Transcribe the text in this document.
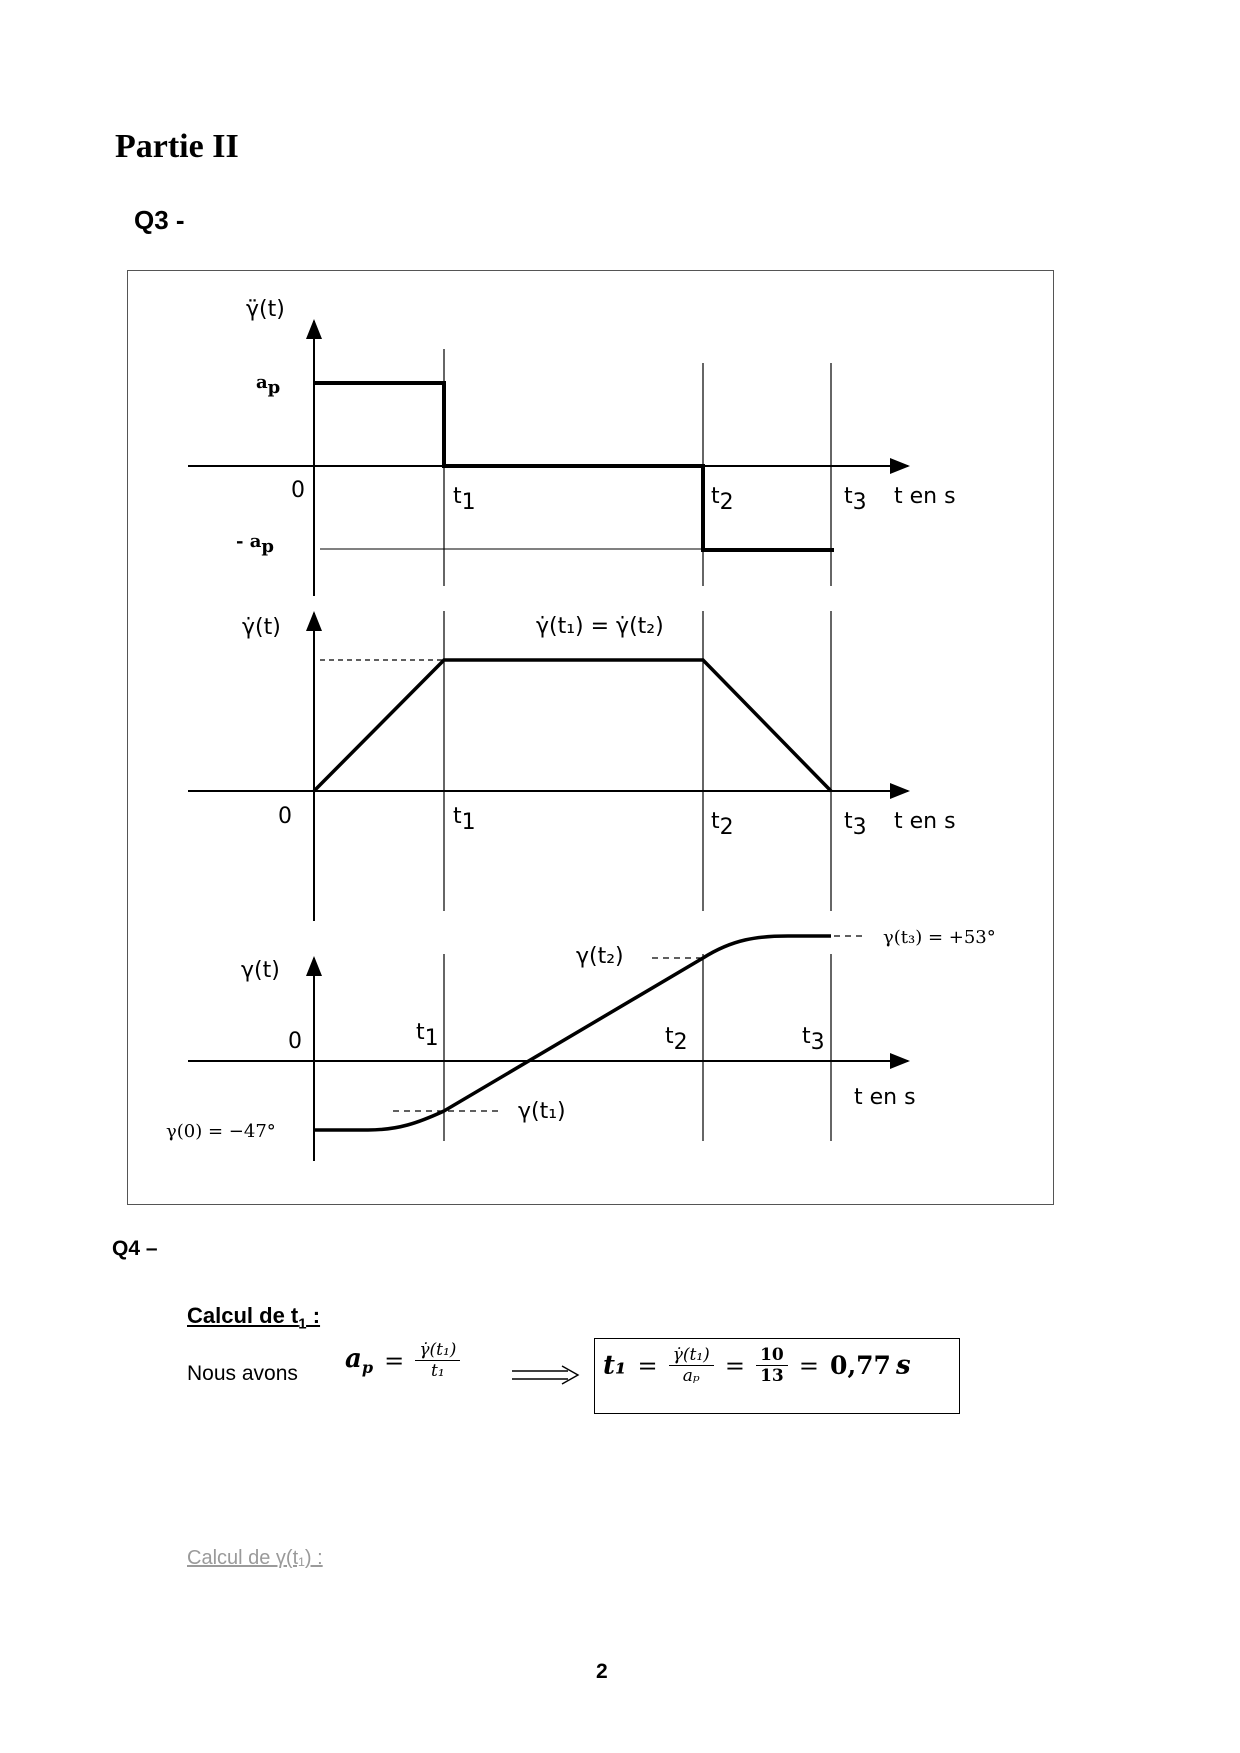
Partie II
Q3 -
γ̈(t)
ap
- ap
0	t1	t2	t3 t en s
γ̇(t)	γ̇(t₁) = γ̇(t₂)
0	t1	t2	t3 t en s
γ(t)
0	t1	t2	t3
t en s
γ(t₁)
γ(t₂)
γ(t₃) = +53°
γ(0) = −47°
Q4 –
Calcul de $t_1$ :
Nous avons $a_p = \frac{\text{γ̇(t₁)}}{\text{t₁}}$	$t_1 = \frac{\text{γ̇(t₁)}}{\text{aₚ}} = \frac{10}{13} = 0,77$ s
Calcul de γ(t₁) :
2
